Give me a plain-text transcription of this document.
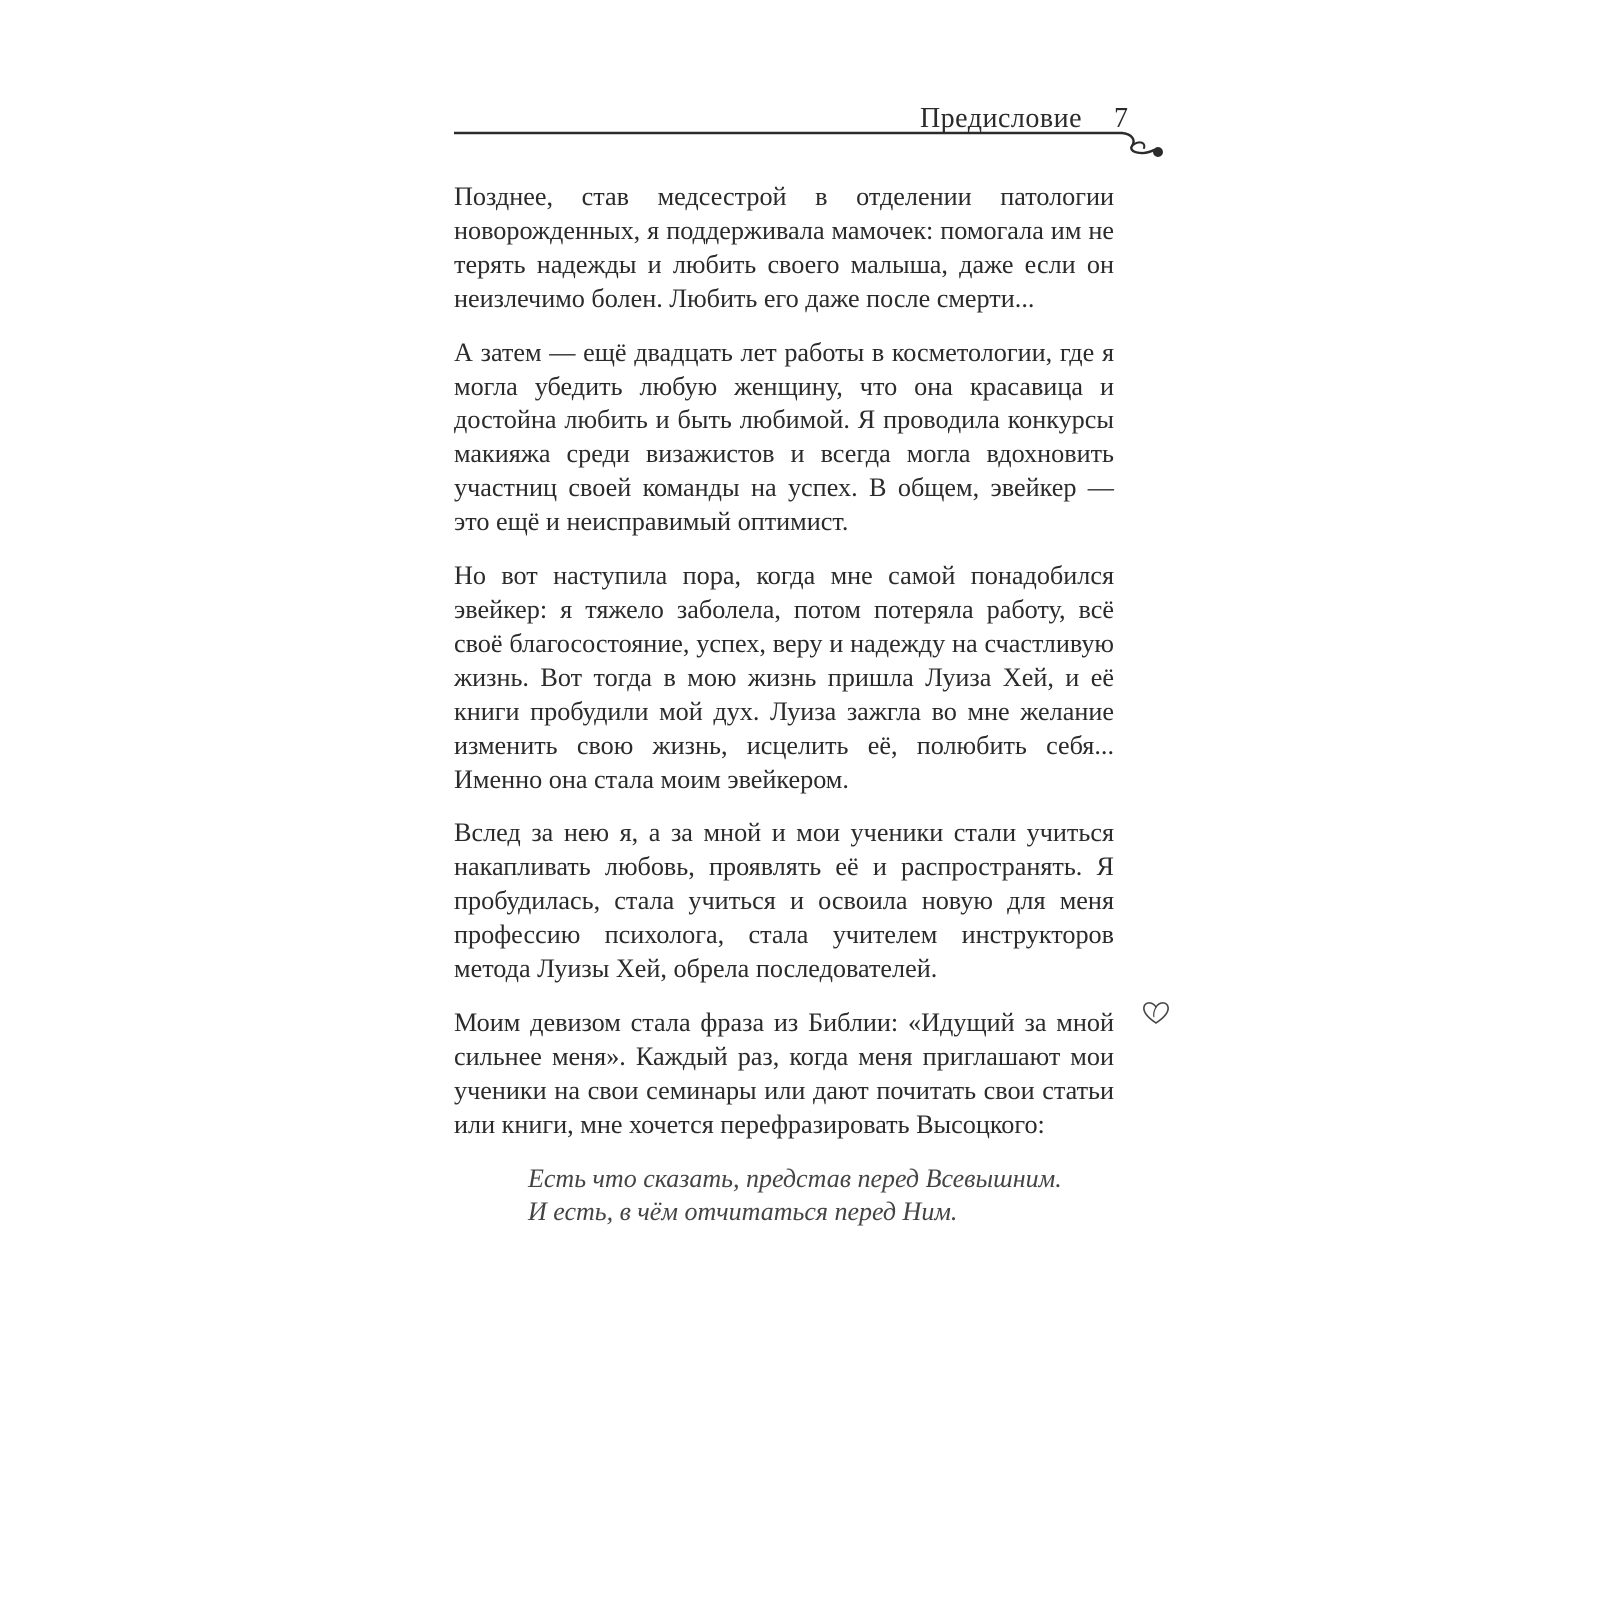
Предисловие 7

Позднее, став медсестрой в отделении патологии новорожденных, я поддерживала мамочек: помогала им не терять надежды и любить своего малыша, даже если он неизлечимо болен. Любить его даже после смерти...

А затем — ещё двадцать лет работы в косметологии, где я могла убедить любую женщину, что она красавица и достойна любить и быть любимой. Я проводила конкурсы макияжа среди визажистов и всегда могла вдохновить участниц своей команды на успех. В общем, эвейкер — это ещё и неисправимый оптимист.

Но вот наступила пора, когда мне самой понадобился эвейкер: я тяжело заболела, потом потеряла работу, всё своё благосостояние, успех, веру и надежду на счастливую жизнь. Вот тогда в мою жизнь пришла Луиза Хей, и её книги пробудили мой дух. Луиза зажгла во мне желание изменить свою жизнь, исцелить её, полюбить себя... Именно она стала моим эвейкером.

Вслед за нею я, а за мной и мои ученики стали учиться накапливать любовь, проявлять её и распространять. Я пробудилась, стала учиться и освоила новую для меня профессию психолога, стала учителем инструкторов метода Луизы Хей, обрела последователей.

Моим девизом стала фраза из Библии: «Идущий за мной сильнее меня». Каждый раз, когда меня приглашают мои ученики на свои семинары или дают почитать свои статьи или книги, мне хочется перефразировать Высоцкого:

Есть что сказать, представ перед Всевышним.
И есть, в чём отчитаться перед Ним.
